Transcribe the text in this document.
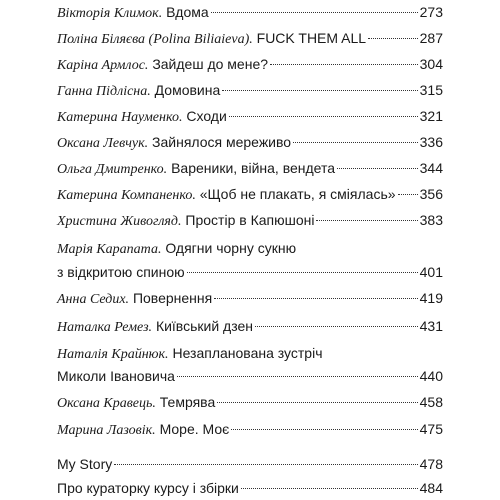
Вікторія Климок.
Вдома	273
Поліна Біляєва (Polina Biliaieva).
FUCK THEM ALL	287
Каріна Армлос.
Зайдеш до мене?	304
Ганна Підлісна.
Домовина	315
Катерина Науменко.
Сходи	321
Оксана Левчук.
Зайнялося мереживо	336
Ольга Дмитренко.
Вареники, війна, вендета	344
Катерина Компаненко.
«Щоб не плакать, я сміялась» 356
Христина Живогляд.
Простір в Капюшоні	383
Марія Карапата.
Одягни чорну сукню
з відкритою спиною	401
Анна Седих.
Повернення	419
Наталка Ремез.
Київський дзен	431
Наталія Крайнюк.
Незапланована зустріч
Миколи Івановича	440
Оксана Кравець.
Темрява	458
Марина Лазовік.
Море. Моє	475
My Story	478
Про кураторку курсу і збірки	484
